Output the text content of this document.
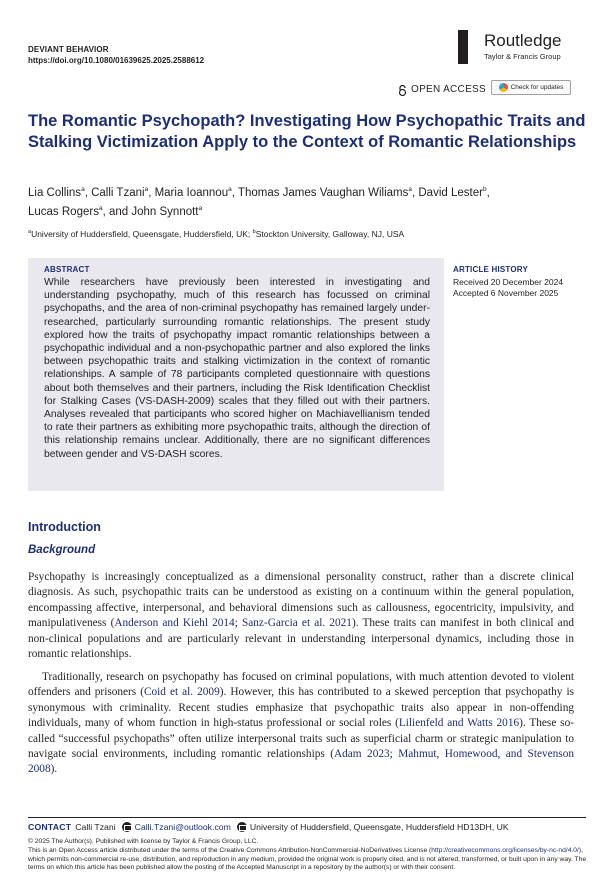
DEVIANT BEHAVIOR
https://doi.org/10.1080/01639625.2025.2588612
Routledge
Taylor & Francis Group
OPEN ACCESS	Check for updates
The Romantic Psychopath? Investigating How Psychopathic Traits and Stalking Victimization Apply to the Context of Romantic Relationships
Lia Collins$^a$, Calli Tzani$^a$, Maria Ioannou$^a$, Thomas James Vaughan Wiliams$^a$, David Lester$^b$,
Lucas Rogers$^a$, and John Synnott$^a$
$^a$University of Huddersfield, Queensgate, Huddersfield, UK; $^b$Stockton University, Galloway, NJ, USA
ABSTRACT
While researchers have previously been interested in investigating and understanding psychopathy, much of this research has focussed on criminal psychopaths, and the area of non-criminal psychopathy has remained largely under-researched, particularly surrounding romantic relationships. The present study explored how the traits of psychopathy impact romantic relationships between a psychopathic individual and a non-psychopathic partner and also explored the links between psychopathic traits and stalking victimization in the context of romantic relationships. A sample of 78 participants completed questionnaire with questions about both themselves and their partners, including the Risk Identification Checklist for Stalking Cases (VS-DASH-2009) scales that they filled out with their partners. Analyses revealed that participants who scored higher on Machiavellianism tended to rate their partners as exhibiting more psychopathic traits, although the direction of this relationship remains unclear. Additionally, there are no significant differences between gender and VS-DASH scores.
ARTICLE HISTORY
Received 20 December 2024
Accepted 6 November 2025
Introduction
Background

Psychopathy is increasingly conceptualized as a dimensional personality construct, rather than a discrete clinical diagnosis. As such, psychopathic traits can be understood as existing on a continuum within the general population, encompassing affective, interpersonal, and behavioral dimensions such as callousness, egocentricity, impulsivity, and manipulativeness (Anderson and Kiehl 2014; Sanz-Garcia et al. 2021). These traits can manifest in both clinical and non-clinical populations and are particularly relevant in understanding interpersonal dynamics, including those in romantic relationships.

Traditionally, research on psychopathy has focused on criminal populations, with much attention devoted to violent offenders and prisoners (Coid et al. 2009). However, this has contributed to a skewed perception that psychopathy is synonymous with criminality. Recent studies emphasize that psychopathic traits also appear in non-offending individuals, many of whom function in high-status professional or social roles (Lilienfeld and Watts 2016). These so-called “successful psychopaths” often utilize interpersonal traits such as superficial charm or strategic manipulation to navigate social environments, including romantic relationships (Adam 2023; Mahmut, Homewood, and Stevenson 2008).

CONTACT Calli Tzani Calli.Tzani@outlook.com University of Huddersfield, Queensgate, Huddersfield HD13DH, UK
© 2025 The Author(s). Published with license by Taylor & Francis Group, LLC.
This is an Open Access article distributed under the terms of the Creative Commons Attribution-NonCommercial-NoDerivatives License (http://creativecommons.org/licenses/by-nc-nd/4.0/), which permits non-commercial re-use, distribution, and reproduction in any medium, provided the original work is properly cited, and is not altered, transformed, or built upon in any way. The terms on which this article has been published allow the posting of the Accepted Manuscript in a repository by the author(s) or with their consent.
